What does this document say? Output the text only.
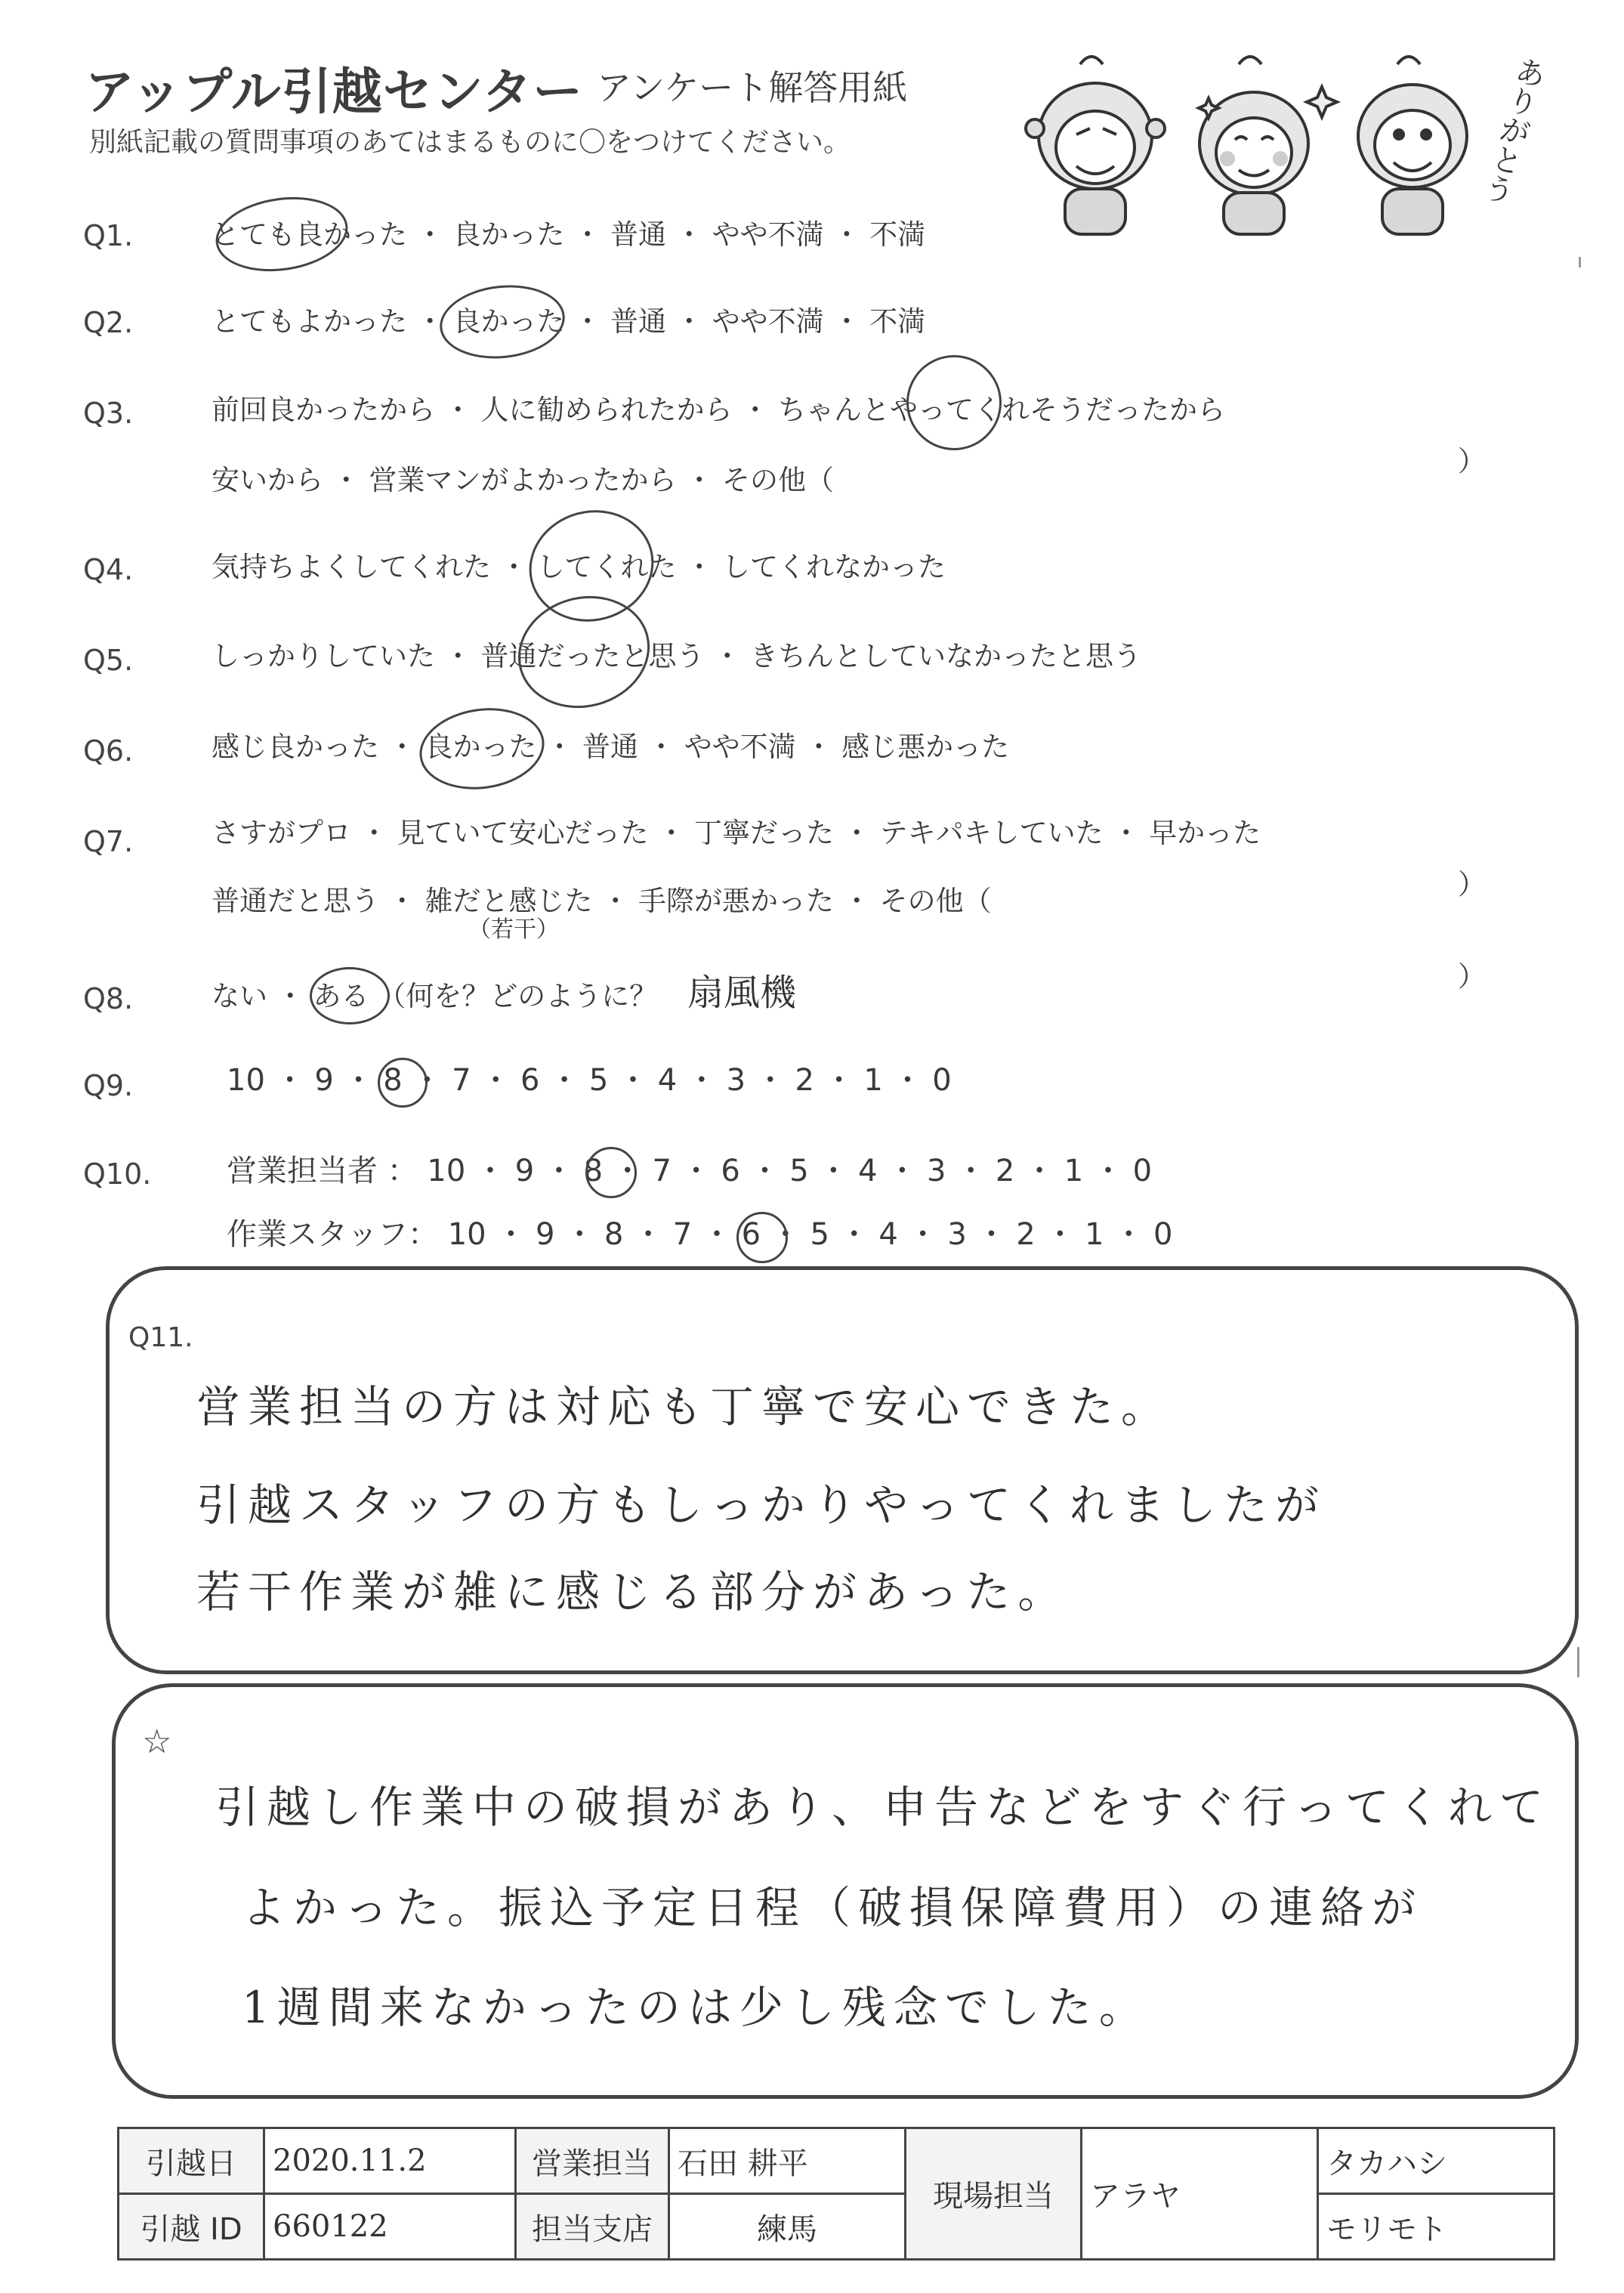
アップル引越センター アンケート解答用紙
別紙記載の質問事項のあてはまるものに〇をつけてください。	ありがとう
Q1.	とても良かった ・ 良かった ・ 普通 ・ やや不満 ・ 不満
Q2.	とてもよかった ・ 良かった ・ 普通 ・ やや不満 ・ 不満
Q3.	前回良かったから ・ 人に勧められたから ・ ちゃんとやってくれそうだったから
安いから ・ 営業マンがよかったから ・ その他（
）
Q4.	気持ちよくしてくれた ・ してくれた ・ してくれなかった
Q5.	しっかりしていた ・ 普通だったと思う ・ きちんとしていなかったと思う
Q6.	感じ良かった ・ 良かった ・ 普通 ・ やや不満 ・ 感じ悪かった
Q7.	さすがプロ ・ 見ていて安心だった ・ 丁寧だった ・ テキパキしていた ・ 早かった
普通だと思う ・ 雑だと感じた ・ 手際が悪かった ・ その他（
）
（若干）
Q8.	ない ・ ある （何を？どのように？ 扇風機	）
Q9.	10 ・ 9 ・ 8 ・ 7 ・ 6 ・ 5 ・ 4 ・ 3 ・ 2 ・ 1 ・ 0
Q10. 営業担当者 ： 10 ・ 9 ・ 8 ・ 7 ・ 6 ・ 5 ・ 4 ・ 3 ・ 2 ・ 1 ・ 0
作業スタッフ： 10 ・ 9 ・ 8 ・ 7 ・ 6 ・ 5 ・ 4 ・ 3 ・ 2 ・ 1 ・ 0
Q11.
営業担当の方は対応も丁寧で安心できた。
引越スタッフの方もしっかりやってくれましたが
若干作業が雑に感じる部分があった。
☆
引越し作業中の破損があり、申告などをすぐ行ってくれて
よかった。振込予定日程（破損保障費用）の連絡が
1週間来なかったのは少し残念でした。
引越日	2020.11.2	営業担当	石田 耕平	現場担当	アラヤ	タカハシ
引越 ID	660122	担当支店	練馬			モリモト
